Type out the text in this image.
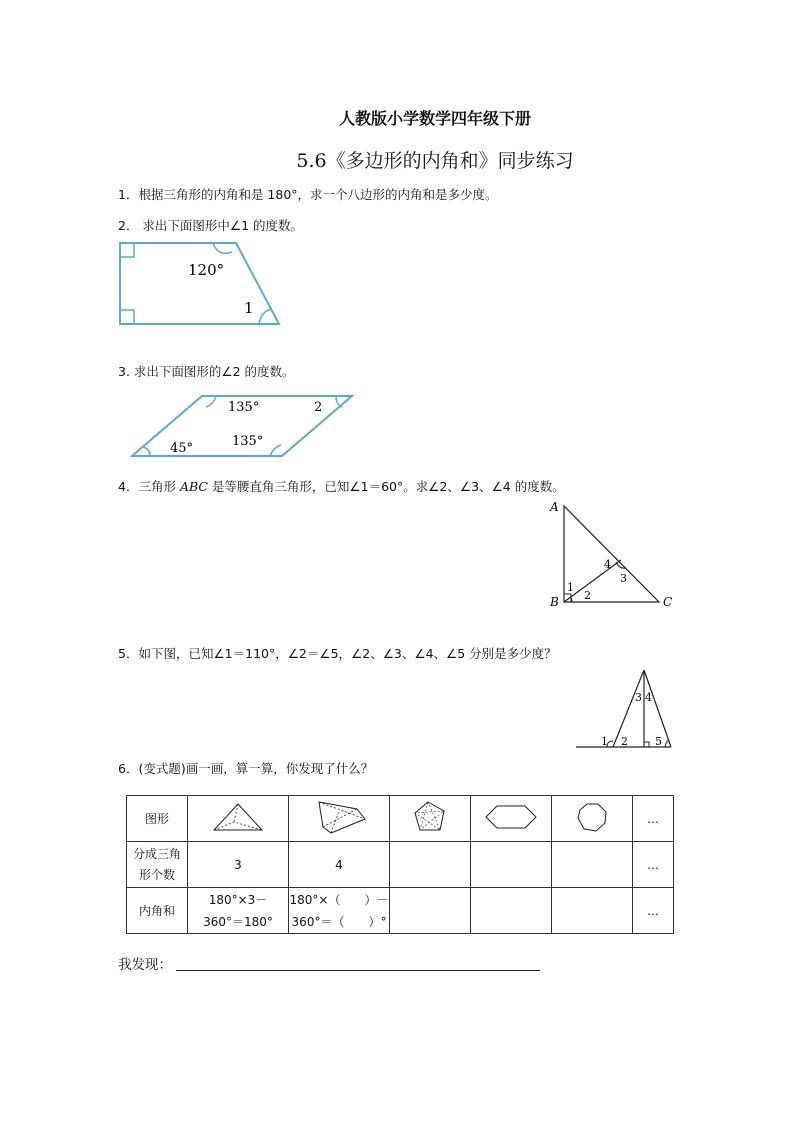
人教版小学数学四年级下册
5.6《多边形的内角和》同步练习
1．根据三角形的内角和是 180°，求一个八边形的内角和是多少度。
2． 求出下面图形中∠1 的度数。
120°
1
3. 求出下面图形的∠2 的度数。
135°	2
45°	135°
4．三角形 ABC 是等腰直角三角形，已知∠1＝60°。求∠2、∠3、∠4 的度数。
A
B	C
1
2
3
4
5．如下图，已知∠1＝110°，∠2＝∠5，∠2、∠3、∠4、∠5 分别是多少度？
1 2
3 4
5
6．(变式题)画一画，算一算，你发现了什么？
图形						…

分成三角
形个数	3	4				…
内角和	180°×3－
360°＝180°	180°×（　　）－
360°＝（　　）°				…
我发现：
